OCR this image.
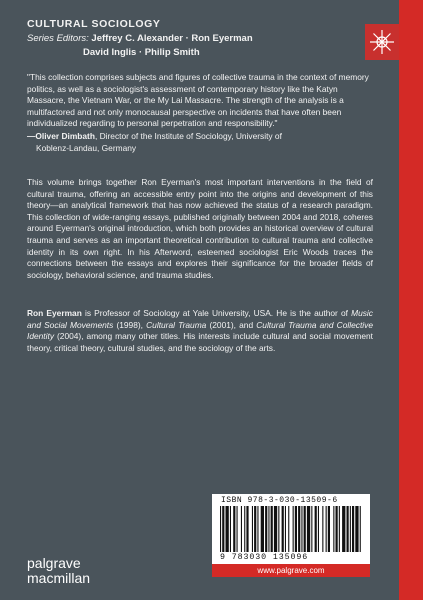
CULTURAL SOCIOLOGY
Series Editors: Jeffrey C. Alexander · Ron Eyerman
David Inglis · Philip Smith

"This collection comprises subjects and figures of collective trauma in the context of memory politics, as well as a sociologist's assessment of contemporary history like the Katyn Massacre, the Vietnam War, or the My Lai Massacre. The strength of the analysis is a multifactored and not only monocausal perspective on incidents that have often been individualized regarding to personal perpetration and responsibility."

—Oliver Dimbath, Director of the Institute of Sociology, University of
Koblenz-Landau, Germany

This volume brings together Ron Eyerman's most important interventions in the field of cultural trauma, offering an accessible entry point into the origins and development of this theory—an analytical framework that has now achieved the status of a research paradigm. This collection of wide-ranging essays, published originally between 2004 and 2018, coheres around Eyerman's original introduction, which both provides an historical overview of cultural trauma and serves as an important theoretical contribution to cultural trauma and collective identity in its own right. In his Afterword, esteemed sociologist Eric Woods traces the connections between the essays and explores their significance for the broader fields of sociology, behavioral science, and trauma studies.

Ron Eyerman is Professor of Sociology at Yale University, USA. He is the author of Music and Social Movements (1998), Cultural Trauma (2001), and Cultural Trauma and Collective Identity (2004), among many other titles. His interests include cultural and social movement theory, critical theory, cultural studies, and the sociology of the arts.

ISBN 978-3-030-13509-6
9 783030 135096
www.palgrave.com
palgrave
macmillan
